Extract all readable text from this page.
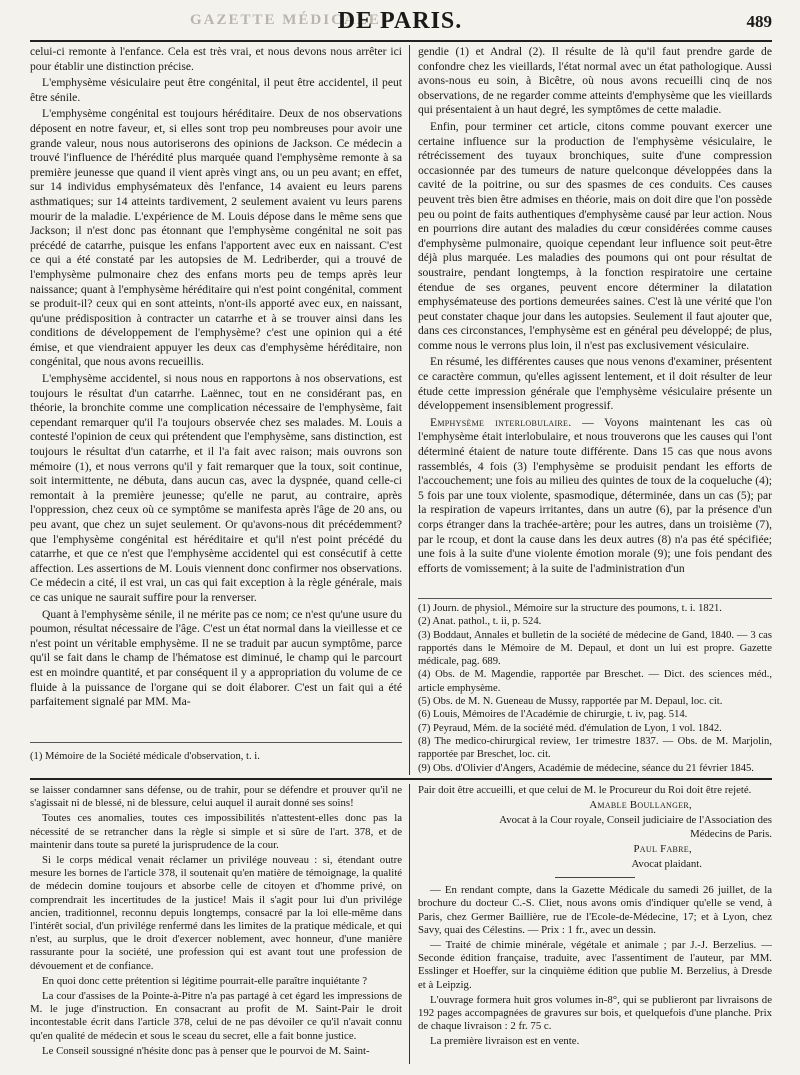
GAZETTE MÉDICALE
DE PARIS.	489

celui-ci remonte à l'enfance. Cela est très vrai, et nous devons nous arrêter ici pour établir une distinction précise.

L'emphysème vésiculaire peut être congénital, il peut être accidentel, il peut être sénile.

L'emphysème congénital est toujours héréditaire. Deux de nos observations déposent en notre faveur, et, si elles sont trop peu nombreuses pour avoir une grande valeur, nous nous autoriserons des opinions de Jackson. Ce médecin a trouvé l'influence de l'hérédité plus marquée quand l'emphysème remonte à sa première jeunesse que quand il vient après vingt ans, ou un peu avant; en effet, sur 14 individus emphysémateux dès l'enfance, 14 avaient eu leurs parens asthmatiques; sur 14 atteints tardivement, 2 seulement avaient vu leurs parens mourir de la maladie. L'expérience de M. Louis dépose dans le même sens que Jackson; il n'est donc pas étonnant que l'emphysème congénital ne soit pas précédé de catarrhe, puisque les enfans l'apportent avec eux en naissant. C'est ce qui a été constaté par les autopsies de M. Ledriberder, qui a trouvé de l'emphysème pulmonaire chez des enfans morts peu de temps après leur naissance; quant à l'emphysème héréditaire qui n'est point congénital, comment se produit-il? ceux qui en sont atteints, n'ont-ils apporté avec eux, en naissant, qu'une prédisposition à contracter un catarrhe et à se trouver ainsi dans les conditions de développement de l'emphysème? c'est une opinion qui a été émise, et que viendraient appuyer les deux cas d'emphysème héréditaire, non congénital, que nous avons recueillis.

L'emphysème accidentel, si nous nous en rapportons à nos observations, est toujours le résultat d'un catarrhe. Laënnec, tout en ne considérant pas, en théorie, la bronchite comme une complication nécessaire de l'emphysème, fait cependant remarquer qu'il l'a toujours observée chez ses malades. M. Louis a contesté l'opinion de ceux qui prétendent que l'emphysème, sans distinction, est toujours le résultat d'un catarrhe, et il l'a fait avec raison; mais ouvrons son mémoire (1), et nous verrons qu'il y fait remarquer que la toux, soit continue, soit intermittente, ne débuta, dans aucun cas, avec la dyspnée, quand celle-ci remontait à la première jeunesse; qu'elle ne parut, au contraire, après l'oppression, chez ceux où ce symptôme se manifesta après l'âge de 20 ans, ou peu avant, que chez un sujet seulement. Or qu'avons-nous dit précédemment? que l'emphysème congénital est héréditaire et qu'il n'est point précédé du catarrhe, et que ce n'est que l'emphysème accidentel qui est consécutif à cette affection. Les assertions de M. Louis viennent donc confirmer nos observations. Ce médecin a cité, il est vrai, un cas qui fait exception à la règle générale, mais ce cas unique ne saurait suffire pour la renverser.

Quant à l'emphysème sénile, il ne mérite pas ce nom; ce n'est qu'une usure du poumon, résultat nécessaire de l'âge. C'est un état normal dans la vieillesse et ce n'est point un véritable emphysème. Il ne se traduit par aucun symptôme, parce qu'il se fait dans le champ de l'hématose est diminué, le champ qui le parcourt est en moindre quantité, et par conséquent il y a appropriation du volume de ce fluide à la puissance de l'organe qui se doit élaborer. C'est un fait qui a été parfaitement signalé par MM. Ma-

gendie (1) et Andral (2). Il résulte de là qu'il faut prendre garde de confondre chez les vieillards, l'état normal avec un état pathologique. Aussi avons-nous eu soin, à Bicêtre, où nous avons recueilli cinq de nos observations, de ne regarder comme atteints d'emphysème que les vieillards qui présentaient à un haut degré, les symptômes de cette maladie.

Enfin, pour terminer cet article, citons comme pouvant exercer une certaine influence sur la production de l'emphysème vésiculaire, le rétrécissement des tuyaux bronchiques, suite d'une compression occasionnée par des tumeurs de nature quelconque développées dans la cavité de la poitrine, ou sur des spasmes de ces conduits. Ces causes peuvent très bien être admises en théorie, mais on doit dire que l'on possède peu ou point de faits authentiques d'emphysème causé par leur action. Nous en pourrions dire autant des maladies du cœur considérées comme causes d'emphysème pulmonaire, quoique cependant leur influence soit peut-être déjà plus marquée. Les maladies des poumons qui ont pour résultat de soustraire, pendant longtemps, à la fonction respiratoire une certaine étendue de ses organes, peuvent encore déterminer la dilatation emphysémateuse des portions demeurées saines. C'est là une vérité que l'on peut constater chaque jour dans les autopsies. Seulement il faut ajouter que, dans ces circonstances, l'emphysème est en général peu développé; de plus, comme nous le verrons plus loin, il n'est pas exclusivement vésiculaire.

En résumé, les différentes causes que nous venons d'examiner, présentent ce caractère commun, qu'elles agissent lentement, et il doit résulter de leur étude cette impression générale que l'emphysème vésiculaire présente un développement insensiblement progressif.

Emphysème interlobulaire. — Voyons maintenant les cas où l'emphysème était interlobulaire, et nous trouverons que les causes qui l'ont déterminé étaient de nature toute différente. Dans 15 cas que nous avons rassemblés, 4 fois (3) l'emphysème se produisit pendant les efforts de l'accouchement; une fois au milieu des quintes de toux de la coqueluche (4); 5 fois par une toux violente, spasmodique, déterminée, dans un cas (5); par la respiration de vapeurs irritantes, dans un autre (6), par la présence d'un corps étranger dans la trachée-artère; pour les autres, dans un troisième (7), par le rcoup, et dont la cause dans les deux autres (8) n'a pas été spécifiée; une fois à la suite d'une violente émotion morale (9); une fois pendant des efforts de vomissement; à la suite de l'administration d'un

(1) Journ. de physiol., Mémoire sur la structure des poumons, t. i. 1821.
(2) Anat. pathol., t. ii, p. 524.
(3) Boddaut, Annales et bulletin de la société de médecine de Gand, 1840. — 3 cas rapportés dans le Mémoire de M. Depaul, et dont un lui est propre. Gazette médicale, pag. 689.
(4) Obs. de M. Magendie, rapportée par Breschet. — Dict. des sciences méd., article emphysème.
(5) Obs. de M. N. Gueneau de Mussy, rapportée par M. Depaul, loc. cit.
(6) Louis, Mémoires de l'Académie de chirurgie, t. iv, pag. 514.
(7) Peyraud, Mém. de la société méd. d'émulation de Lyon, 1 vol. 1842.
(8) The medico-chirurgical review, 1er trimestre 1837. — Obs. de M. Marjolin, rapportée par Breschet, loc. cit.
(9) Obs. d'Olivier d'Angers, Académie de médecine, séance du 21 février 1845.
(1) Mémoire de la Société médicale d'observation, t. i.

se laisser condamner sans défense, ou de trahir, pour se défendre et prouver qu'il ne s'agissait ni de blessé, ni de blessure, celui auquel il aurait donné ses soins!

Toutes ces anomalies, toutes ces impossibilités n'attestent-elles donc pas la nécessité de se retrancher dans la règle si simple et si sûre de l'art. 378, et de maintenir dans toute sa pureté la jurisprudence de la cour.

Si le corps médical venait réclamer un privilége nouveau : si, étendant outre mesure les bornes de l'article 378, il soutenait qu'en matière de témoignage, la qualité de médecin domine toujours et absorbe celle de citoyen et d'homme privé, on comprendrait les incertitudes de la justice! Mais il s'agit pour lui d'un privilége ancien, traditionnel, reconnu depuis longtemps, consacré par la loi elle-même dans l'intérêt social, d'un privilége renfermé dans les limites de la pratique médicale, et qui n'est, au surplus, que le droit d'exercer noblement, avec honneur, d'une manière rassurante pour la société, une profession qui est avant tout une profession de dévouement et de confiance.

En quoi donc cette prétention si légitime pourrait-elle paraître inquiétante ?

La cour d'assises de la Pointe-à-Pitre n'a pas partagé à cet égard les impressions de M. le juge d'instruction. En consacrant au profit de M. Saint-Pair le droit incontestable écrit dans l'article 378, celui de ne pas dévoiler ce qu'il n'avait connu qu'en qualité de médecin et sous le sceau du secret, elle a fait bonne justice.

Le Conseil soussigné n'hésite donc pas à penser que le pourvoi de M. Saint-

Pair doit être accueilli, et que celui de M. le Procureur du Roi doit être rejeté.

Amable Boullanger,

Avocat à la Cour royale, Conseil judiciaire de l'Association des Médecins de Paris.

Paul Fabre,

Avocat plaidant.

— En rendant compte, dans la Gazette Médicale du samedi 26 juillet, de la brochure du docteur C.-S. Cliet, nous avons omis d'indiquer qu'elle se vend, à Paris, chez Germer Baillière, rue de l'Ecole-de-Médecine, 17; et à Lyon, chez Savy, quai des Célestins. — Prix : 1 fr., avec un dessin.

— Traité de chimie minérale, végétale et animale ; par J.-J. Berzelius. — Seconde édition française, traduite, avec l'assentiment de l'auteur, par MM. Esslinger et Hoeffer, sur la cinquième édition que publie M. Berzelius, à Dresde et à Leipzig.

L'ouvrage formera huit gros volumes in-8°, qui se publieront par livraisons de 192 pages accompagnées de gravures sur bois, et quelquefois d'une planche. Prix de chaque livraison : 2 fr. 75 c.

La première livraison est en vente.
